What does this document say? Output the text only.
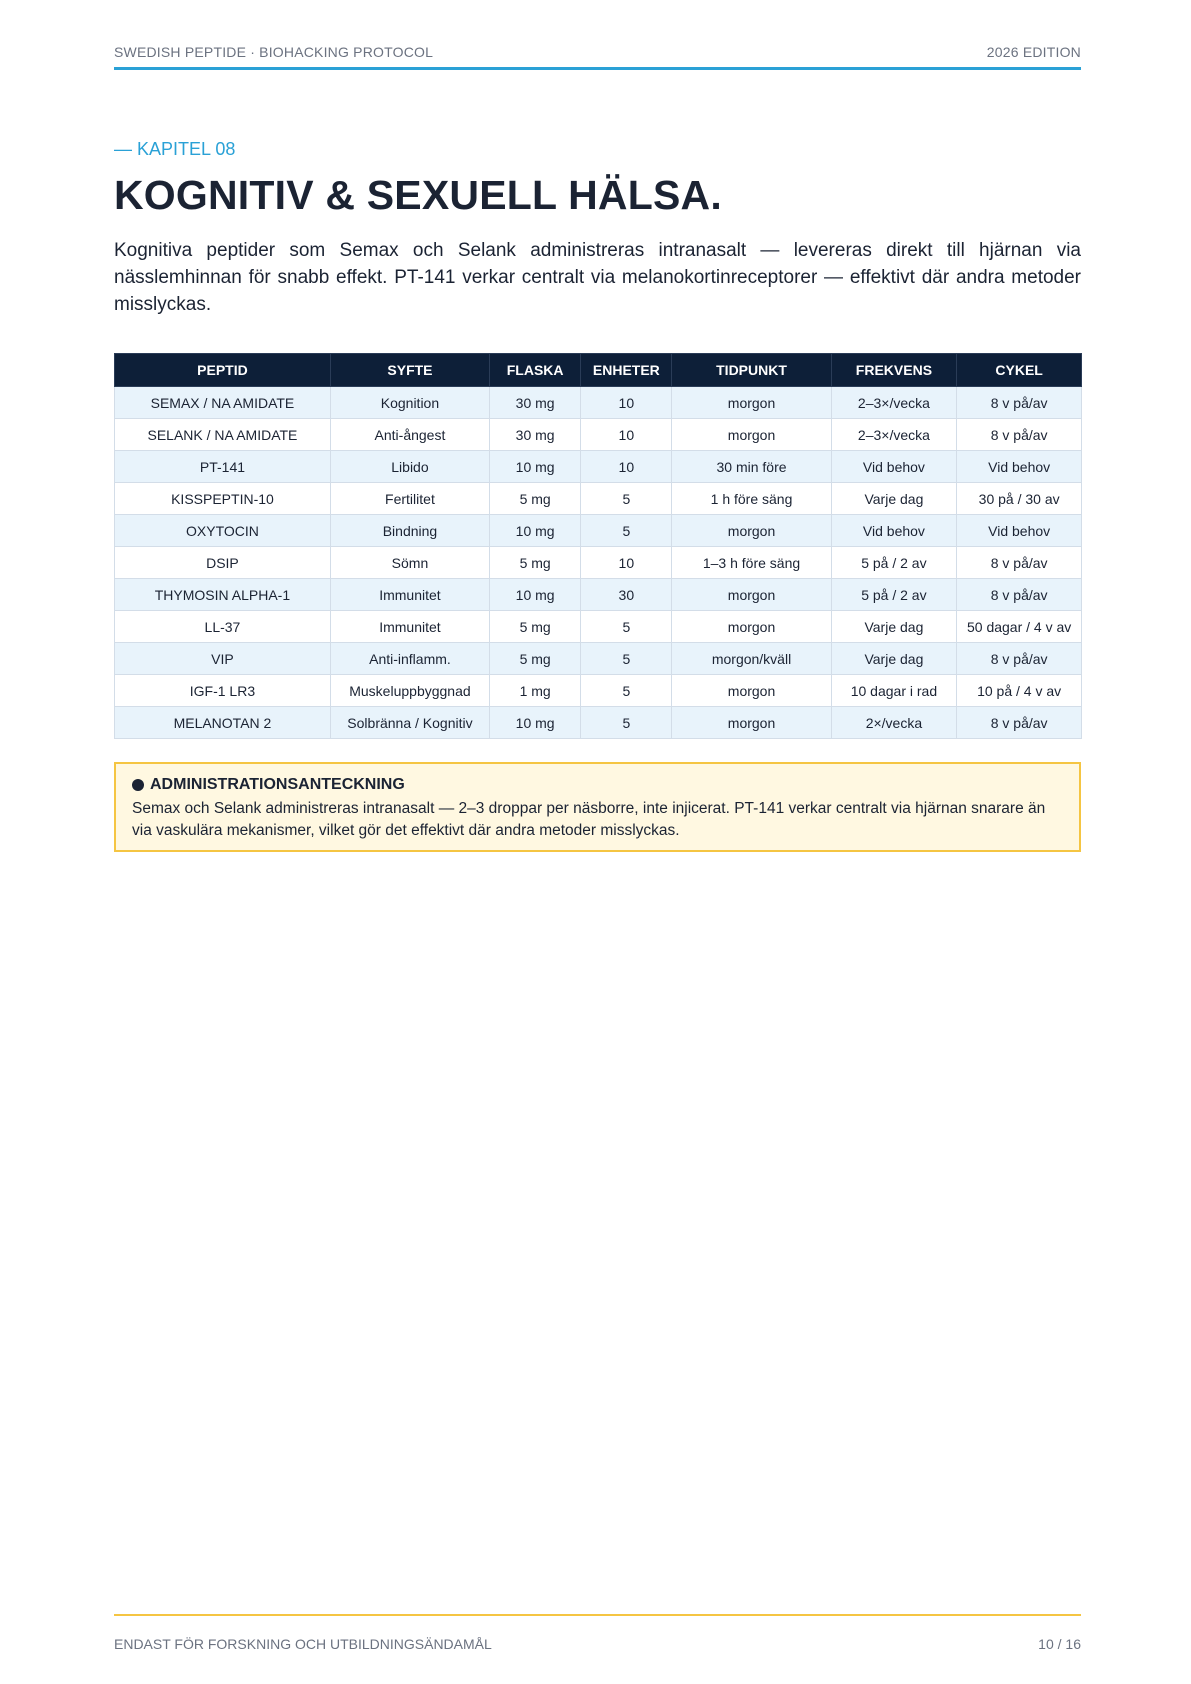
SWEDISH PEPTIDE · BIOHACKING PROTOCOL	2026 EDITION
— KAPITEL 08
KOGNITIV & SEXUELL HÄLSA.

Kognitiva peptider som Semax och Selank administreras intranasalt — levereras direkt till hjärnan via nässlemhinnan för snabb effekt. PT-141 verkar centralt via melanokortinreceptorer — effektivt där andra metoder misslyckas.

PEPTID	SYFTE	FLASKA	ENHETER	TIDPUNKT	FREKVENS	CYKEL
SEMAX / NA AMIDATE	Kognition	30 mg	10	morgon	2–3×/vecka	8 v på/av
SELANK / NA AMIDATE	Anti-ångest	30 mg	10	morgon	2–3×/vecka	8 v på/av
PT-141	Libido	10 mg	10	30 min före	Vid behov	Vid behov
KISSPEPTIN-10	Fertilitet	5 mg	5	1 h före säng	Varje dag	30 på / 30 av
OXYTOCIN	Bindning	10 mg	5	morgon	Vid behov	Vid behov
DSIP	Sömn	5 mg	10	1–3 h före säng	5 på / 2 av	8 v på/av
THYMOSIN ALPHA-1	Immunitet	10 mg	30	morgon	5 på / 2 av	8 v på/av
LL-37	Immunitet	5 mg	5	morgon	Varje dag	50 dagar / 4 v av
VIP	Anti-inflamm.	5 mg	5	morgon/kväll	Varje dag	8 v på/av
IGF-1 LR3	Muskeluppbyggnad	1 mg	5	morgon	10 dagar i rad	10 på / 4 v av
MELANOTAN 2	Solbränna / Kognitiv	10 mg	5	morgon	2×/vecka	8 v på/av
ADMINISTRATIONSANTECKNING

Semax och Selank administreras intranasalt — 2–3 droppar per näsborre, inte injicerat. PT-141 verkar centralt via hjärnan snarare än via vaskulära mekanismer, vilket gör det effektivt där andra metoder misslyckas.

ENDAST FÖR FORSKNING OCH UTBILDNINGSÄNDAMÅL	10 / 16
